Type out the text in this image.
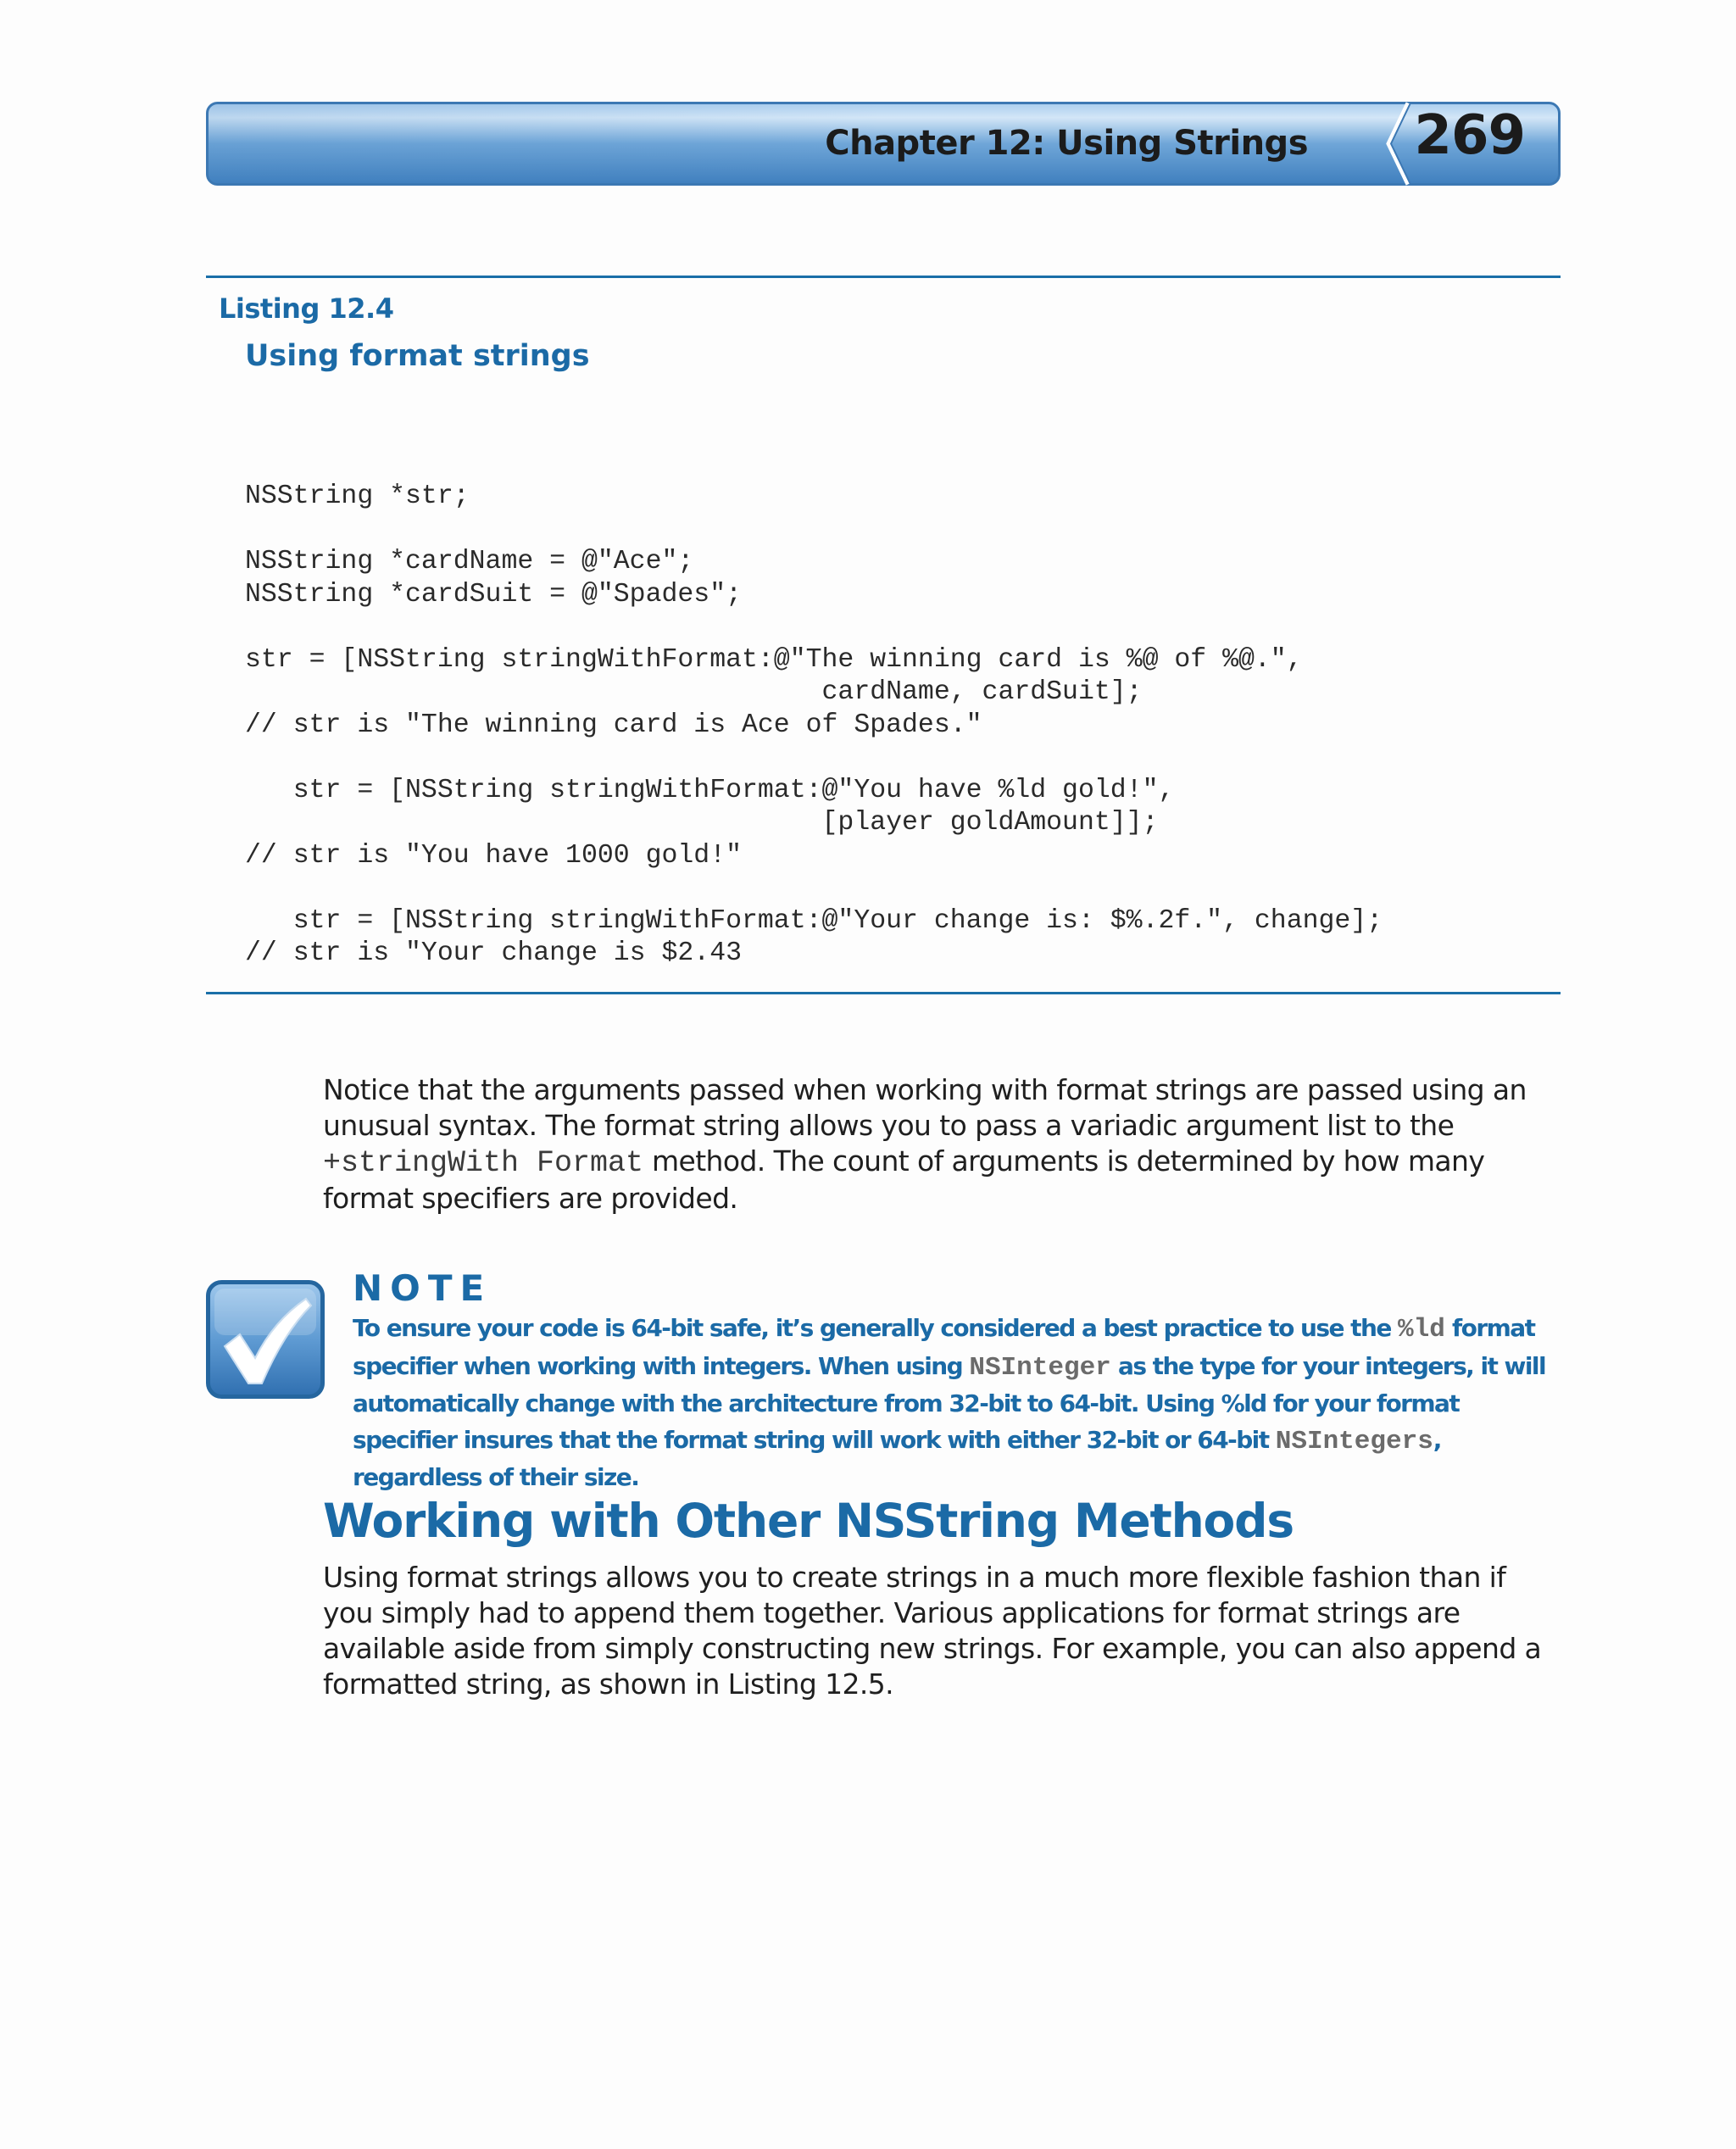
Chapter 12: Using Strings 269
Listing 12.4
Using format strings
NSString *str;

NSString *cardName = @"Ace";
NSString *cardSuit = @"Spades";

str = [NSString stringWithFormat:@"The winning card is %@ of %@.",
cardName, cardSuit];
// str is "The winning card is Ace of Spades."

str = [NSString stringWithFormat:@"You have %ld gold!",
[player goldAmount]];
// str is "You have 1000 gold!"

str = [NSString stringWithFormat:@"Your change is: $%.2f.", change];
// str is "Your change is $2.43

Notice that the arguments passed when working with format strings are passed using an unusual syntax. The format string allows you to pass a variadic argument list to the +stringWith Format method. The count of arguments is determined by how many format specifiers are provided.

NOTE

To ensure your code is 64-bit safe, it’s generally considered a best practice to use the %ld format specifier when working with integers. When using NSInteger as the type for your integers, it will automatically change with the architecture from 32-bit to 64-bit. Using %ld for your format specifier insures that the format string will work with either 32-bit or 64-bit NSIntegers, regardless of their size.

Working with Other NSString Methods

Using format strings allows you to create strings in a much more flexible fashion than if you simply had to append them together. Various applications for format strings are available aside from simply constructing new strings. For example, you can also append a formatted string, as shown in Listing 12.5.
